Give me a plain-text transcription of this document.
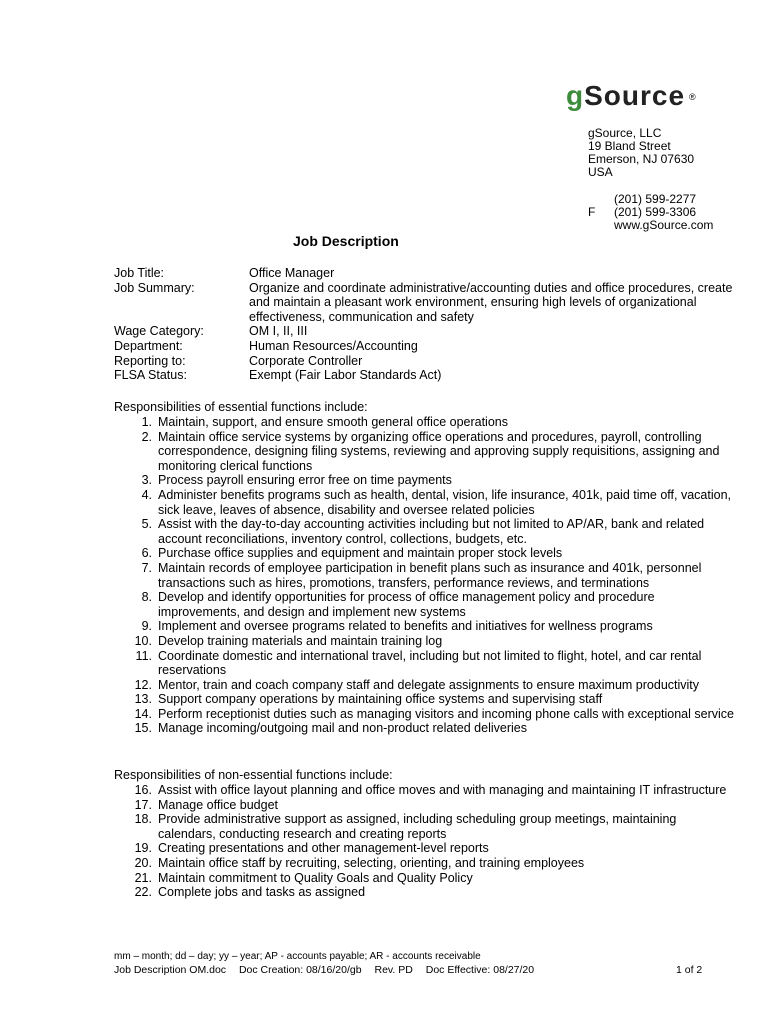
gSource ®
gSource, LLC
19 Bland Street
Emerson, NJ 07630
USA
(201) 599-2277
F	(201) 599-3306
www.gSource.com
Job Description
Job Title:	Office Manager
Job Summary:	Organize and coordinate administrative/accounting duties and office procedures, create and maintain a pleasant work environment, ensuring high levels of organizational effectiveness, communication and safety
Wage Category:	OM I, II, III
Department:	Human Resources/Accounting
Reporting to:	Corporate Controller
FLSA Status:	Exempt (Fair Labor Standards Act)
Responsibilities of essential functions include:
1. Maintain, support, and ensure smooth general office operations
2. Maintain office service systems by organizing office operations and procedures, payroll, controlling correspondence, designing filing systems, reviewing and approving supply requisitions, assigning and monitoring clerical functions
3. Process payroll ensuring error free on time payments
4. Administer benefits programs such as health, dental, vision, life insurance, 401k, paid time off, vacation, sick leave, leaves of absence, disability and oversee related policies
5. Assist with the day-to-day accounting activities including but not limited to AP/AR, bank and related account reconciliations, inventory control, collections, budgets, etc.
6. Purchase office supplies and equipment and maintain proper stock levels
7. Maintain records of employee participation in benefit plans such as insurance and 401k, personnel transactions such as hires, promotions, transfers, performance reviews, and terminations
8. Develop and identify opportunities for process of office management policy and procedure improvements, and design and implement new systems
9. Implement and oversee programs related to benefits and initiatives for wellness programs
10. Develop training materials and maintain training log
11. Coordinate domestic and international travel, including but not limited to flight, hotel, and car rental reservations
12. Mentor, train and coach company staff and delegate assignments to ensure maximum productivity
13. Support company operations by maintaining office systems and supervising staff
14. Perform receptionist duties such as managing visitors and incoming phone calls with exceptional service
15. Manage incoming/outgoing mail and non-product related deliveries
Responsibilities of non-essential functions include:
16. Assist with office layout planning and office moves and with managing and maintaining IT infrastructure
17. Manage office budget
18. Provide administrative support as assigned, including scheduling group meetings, maintaining calendars, conducting research and creating reports
19. Creating presentations and other management-level reports
20. Maintain office staff by recruiting, selecting, orienting, and training employees
21. Maintain commitment to Quality Goals and Quality Policy
22. Complete jobs and tasks as assigned
mm – month; dd – day; yy – year; AP - accounts payable; AR - accounts receivable
Job Description OM.doc Doc Creation: 08/16/20/gb Rev. PD Doc Effective: 08/27/20	1 of 2
